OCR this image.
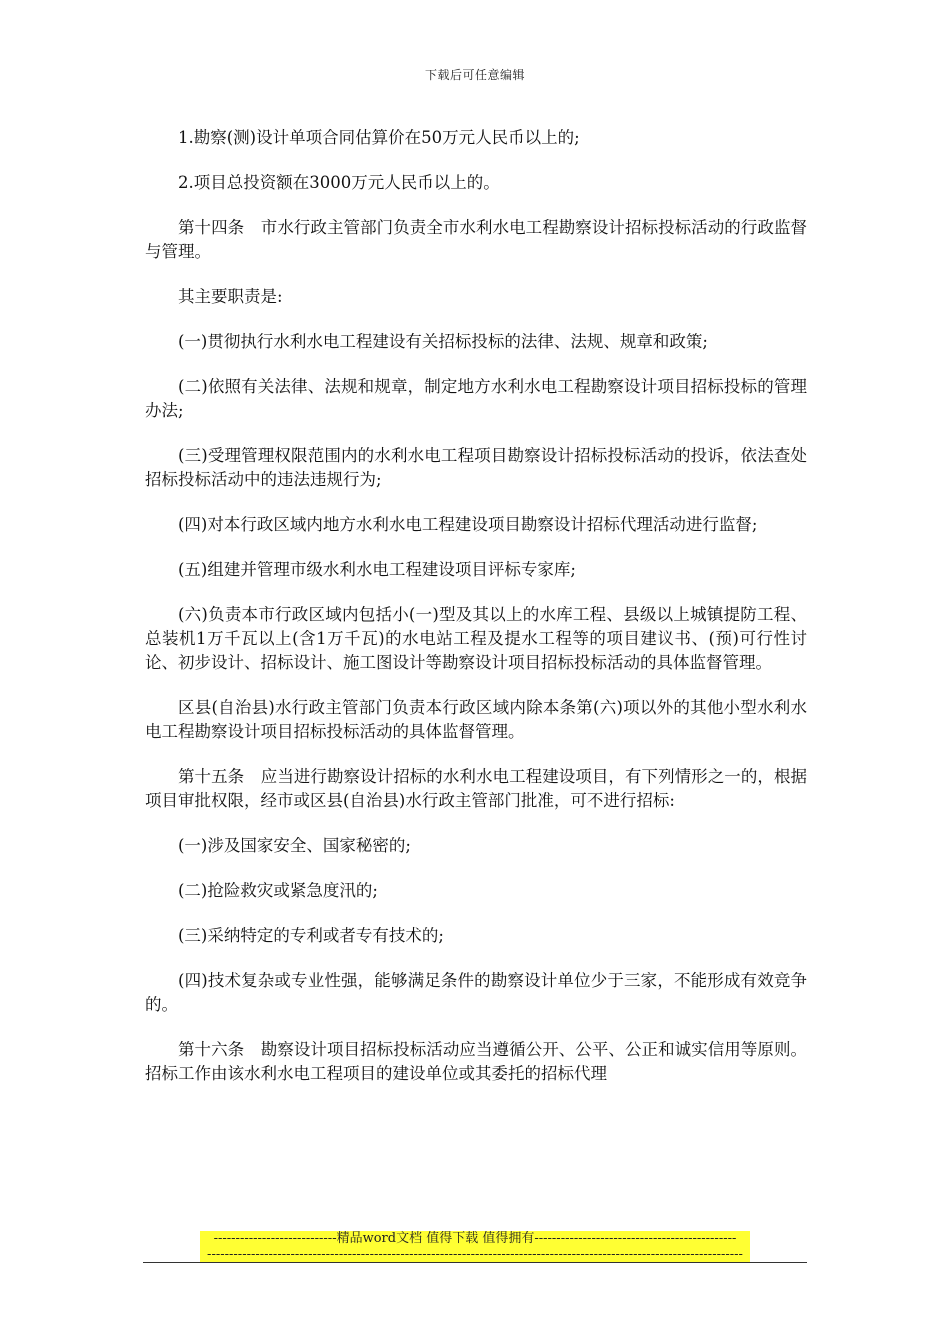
下载后可任意编辑

1.勘察(测)设计单项合同估算价在50万元人民币以上的;

2.项目总投资额在3000万元人民币以上的。

第十四条　市水行政主管部门负责全市水利水电工程勘察设计招标投标活动的行政监督与管理。

其主要职责是:

(一)贯彻执行水利水电工程建设有关招标投标的法律、法规、规章和政策;

(二)依照有关法律、法规和规章，制定地方水利水电工程勘察设计项目招标投标的管理办法;

(三)受理管理权限范围内的水利水电工程项目勘察设计招标投标活动的投诉，依法查处招标投标活动中的违法违规行为;

(四)对本行政区域内地方水利水电工程建设项目勘察设计招标代理活动进行监督;

(五)组建并管理市级水利水电工程建设项目评标专家库;

(六)负责本市行政区域内包括小(一)型及其以上的水库工程、县级以上城镇提防工程、总装机1万千瓦以上(含1万千瓦)的水电站工程及提水工程等的项目建议书、(预)可行性讨论、初步设计、招标设计、施工图设计等勘察设计项目招标投标活动的具体监督管理。

区县(自治县)水行政主管部门负责本行政区域内除本条第(六)项以外的其他小型水利水电工程勘察设计项目招标投标活动的具体监督管理。

第十五条　应当进行勘察设计招标的水利水电工程建设项目，有下列情形之一的，根据项目审批权限，经市或区县(自治县)水行政主管部门批准，可不进行招标:

(一)涉及国家安全、国家秘密的;

(二)抢险救灾或紧急度汛的;

(三)采纳特定的专利或者专有技术的;

(四)技术复杂或专业性强，能够满足条件的勘察设计单位少于三家，不能形成有效竞争的。

第十六条　勘察设计项目招标投标活动应当遵循公开、公平、公正和诚实信用等原则。招标工作由该水利水电工程项目的建设单位或其委托的招标代理

----------------------------精品word文档 值得下载 值得拥有----------------------------------------------
--------------------------------------------------------------------------------------------------------------------------
